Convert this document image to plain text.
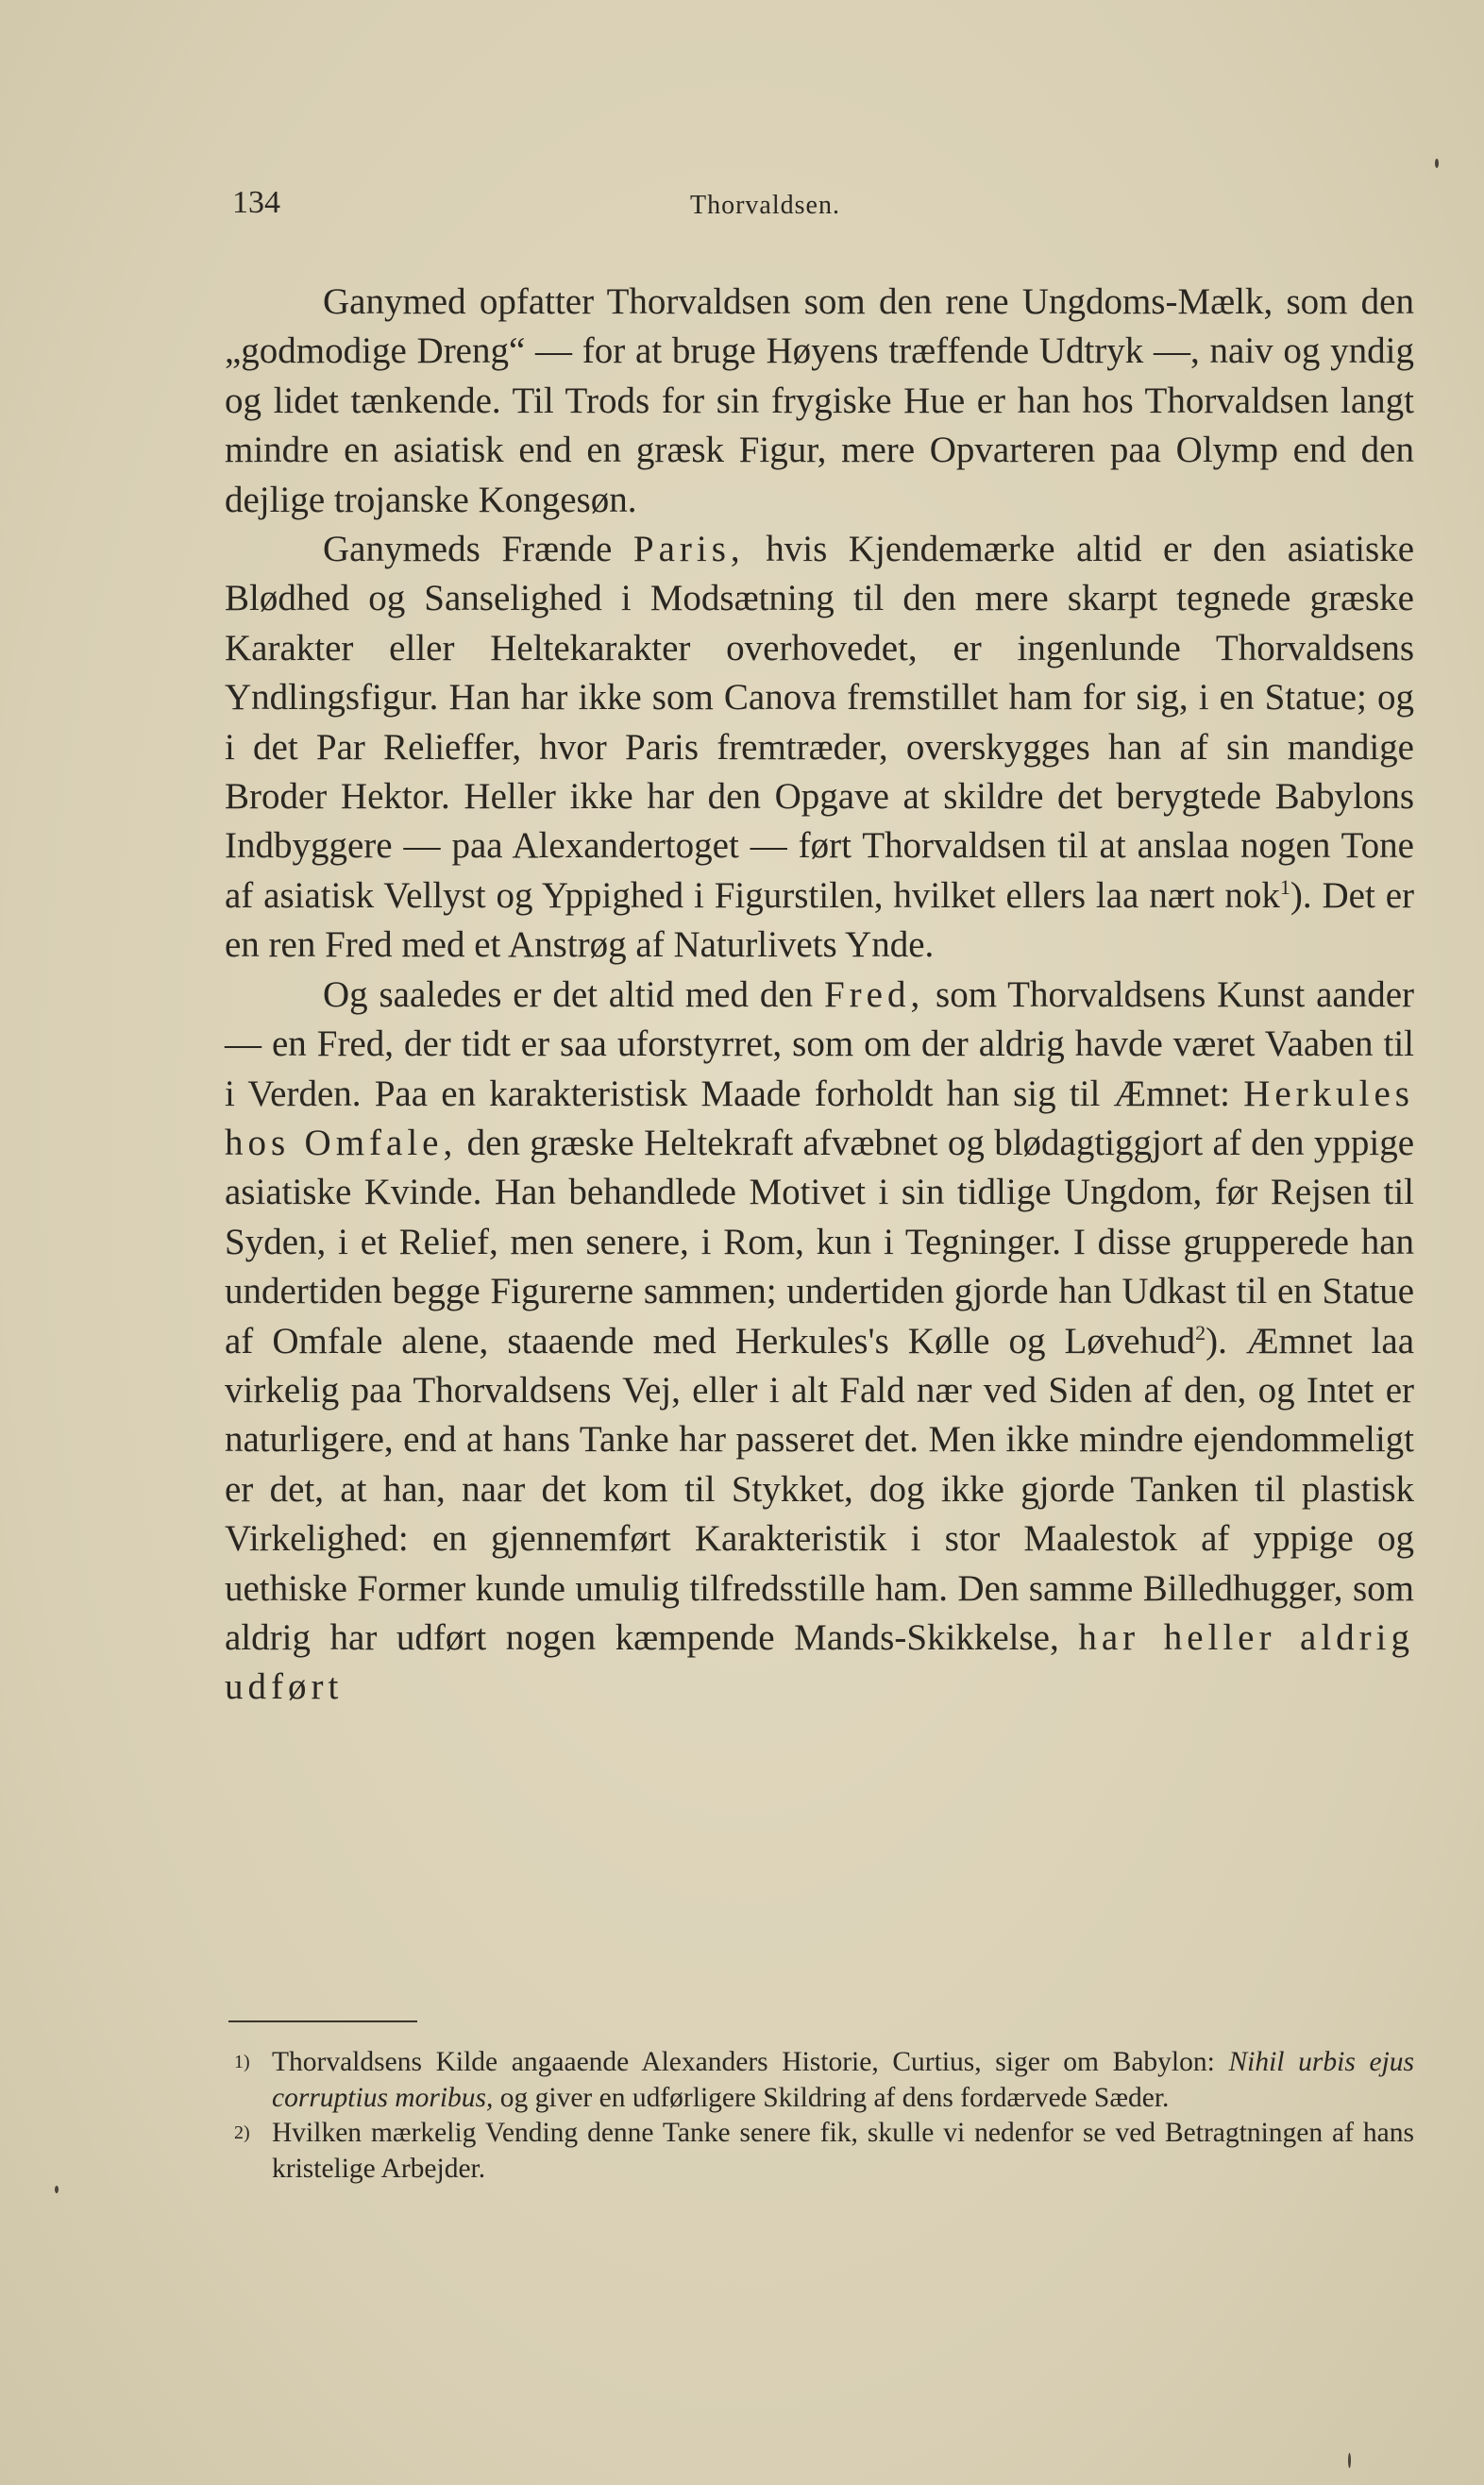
134	Thorvaldsen.

Ganymed opfatter Thorvaldsen som den rene Ungdoms-Mælk, som den „godmodige Dreng“ — for at bruge Høyens træffende Udtryk —, naiv og yndig og lidet tænkende. Til Trods for sin frygiske Hue er han hos Thorvaldsen langt mindre en asiatisk end en græsk Figur, mere Opvarteren paa Olymp end den dejlige trojanske Kongesøn.

Ganymeds Frænde Paris, hvis Kjendemærke altid er den asiatiske Blødhed og Sanselighed i Modsætning til den mere skarpt tegnede græske Karakter eller Heltekarakter overhovedet, er ingenlunde Thorvaldsens Yndlingsfigur. Han har ikke som Canova fremstillet ham for sig, i en Statue; og i det Par Relieffer, hvor Paris fremtræder, overskygges han af sin mandige Broder Hektor. Heller ikke har den Opgave at skildre det berygtede Babylons Indbyggere — paa Alexandertoget — ført Thorvaldsen til at anslaa nogen Tone af asiatisk Vellyst og Yppighed i Figurstilen, hvilket ellers laa nært nok$^1$). Det er en ren Fred med et Anstrøg af Naturlivets Ynde.

Og saaledes er det altid med den Fred, som Thorvaldsens Kunst aander — en Fred, der tidt er saa uforstyrret, som om der aldrig havde været Vaaben til i Verden. Paa en karakteristisk Maade forholdt han sig til Æmnet: Herkules hos Omfale, den græske Heltekraft afvæbnet og blødagtiggjort af den yppige asiatiske Kvinde. Han behandlede Motivet i sin tidlige Ungdom, før Rejsen til Syden, i et Relief, men senere, i Rom, kun i Tegninger. I disse grupperede han undertiden begge Figurerne sammen; undertiden gjorde han Udkast til en Statue af Omfale alene, staaende med Herkules's Kølle og Løvehud$^2$). Æmnet laa virkelig paa Thorvaldsens Vej, eller i alt Fald nær ved Siden af den, og Intet er naturligere, end at hans Tanke har passeret det. Men ikke mindre ejendommeligt er det, at han, naar det kom til Stykket, dog ikke gjorde Tanken til plastisk Virkelighed: en gjennemført Karakteristik i stor Maalestok af yppige og uethiske Former kunde umulig tilfredsstille ham. Den samme Billedhugger, som aldrig har udført nogen kæmpende Mands-Skikkelse, har heller aldrig udført

1) Thorvaldsens Kilde angaaende Alexanders Historie, Curtius, siger om Babylon: Nihil urbis ejus corruptius moribus, og giver en udførligere Skildring af dens fordærvede Sæder.

2) Hvilken mærkelig Vending denne Tanke senere fik, skulle vi nedenfor se ved Betragtningen af hans kristelige Arbejder.
